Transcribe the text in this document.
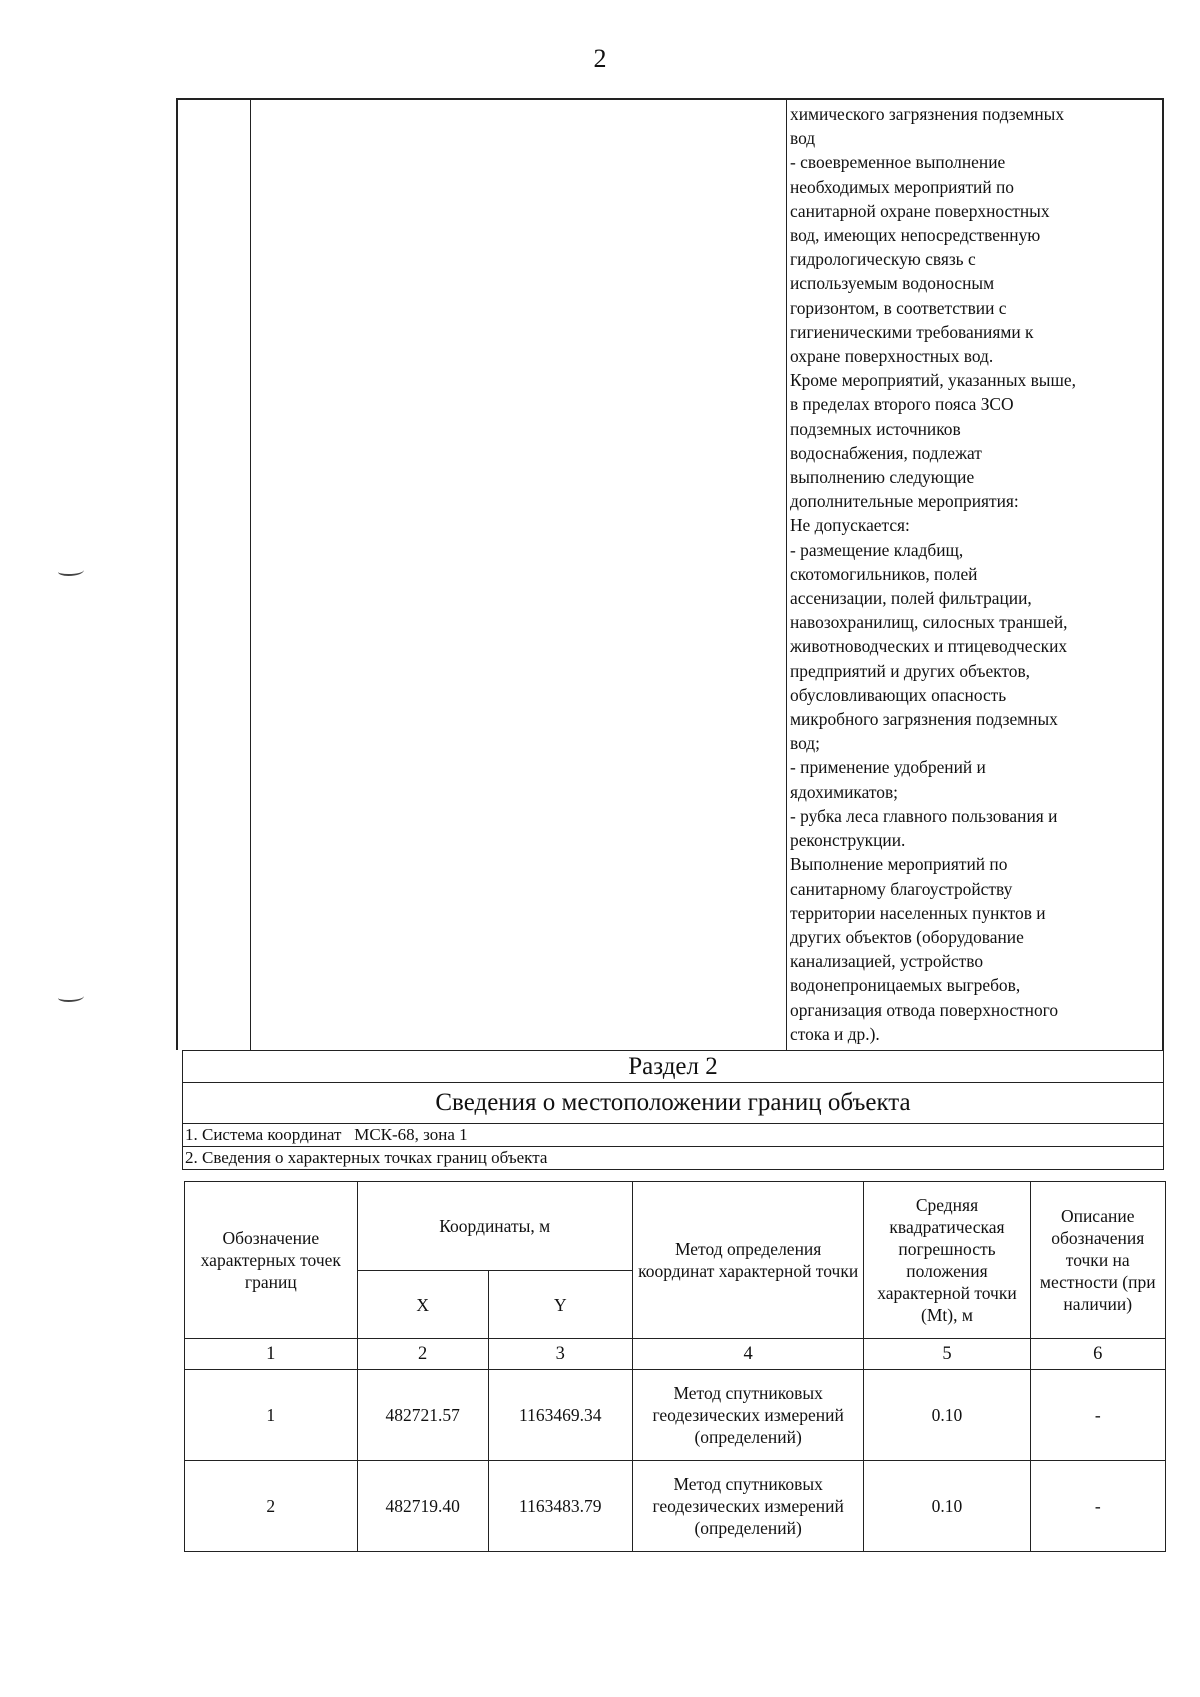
2
химического загрязнения подземных
вод
- своевременное выполнение
необходимых мероприятий по
санитарной охране поверхностных
вод, имеющих непосредственную
гидрологическую связь с
используемым водоносным
горизонтом, в соответствии с
гигиеническими требованиями к
охране поверхностных вод.
Кроме мероприятий, указанных выше,
в пределах второго пояса ЗСО
подземных источников
водоснабжения, подлежат
выполнению следующие
дополнительные мероприятия:
Не допускается:
- размещение кладбищ,
скотомогильников, полей
ассенизации, полей фильтрации,
навозохранилищ, силосных траншей,
животноводческих и птицеводческих
предприятий и других объектов,
обусловливающих опасность
микробного загрязнения подземных
вод;
- применение удобрений и
ядохимикатов;
- рубка леса главного пользования и
реконструкции.
Выполнение мероприятий по
санитарному благоустройству
территории населенных пунктов и
других объектов (оборудование
канализацией, устройство
водонепроницаемых выгребов,
организация отвода поверхностного
стока и др.).
Раздел 2
Сведения о местоположении границ объекта
1. Система координат МСК-68, зона 1
2. Сведения о характерных точках границ объекта
Обозначение характерных точек границ	Координаты, м		Метод определения координат характерной точки	Средняя квадратическая погрешность положения характерной точки (Mt), м	Описание обозначения точки на местности (при наличии)
	X	Y			
1	2	3	4	5	6
1	482721.57	1163469.34	Метод спутниковых геодезических измерений (определений)	0.10	-
2	482719.40	1163483.79	Метод спутниковых геодезических измерений (определений)	0.10	-
